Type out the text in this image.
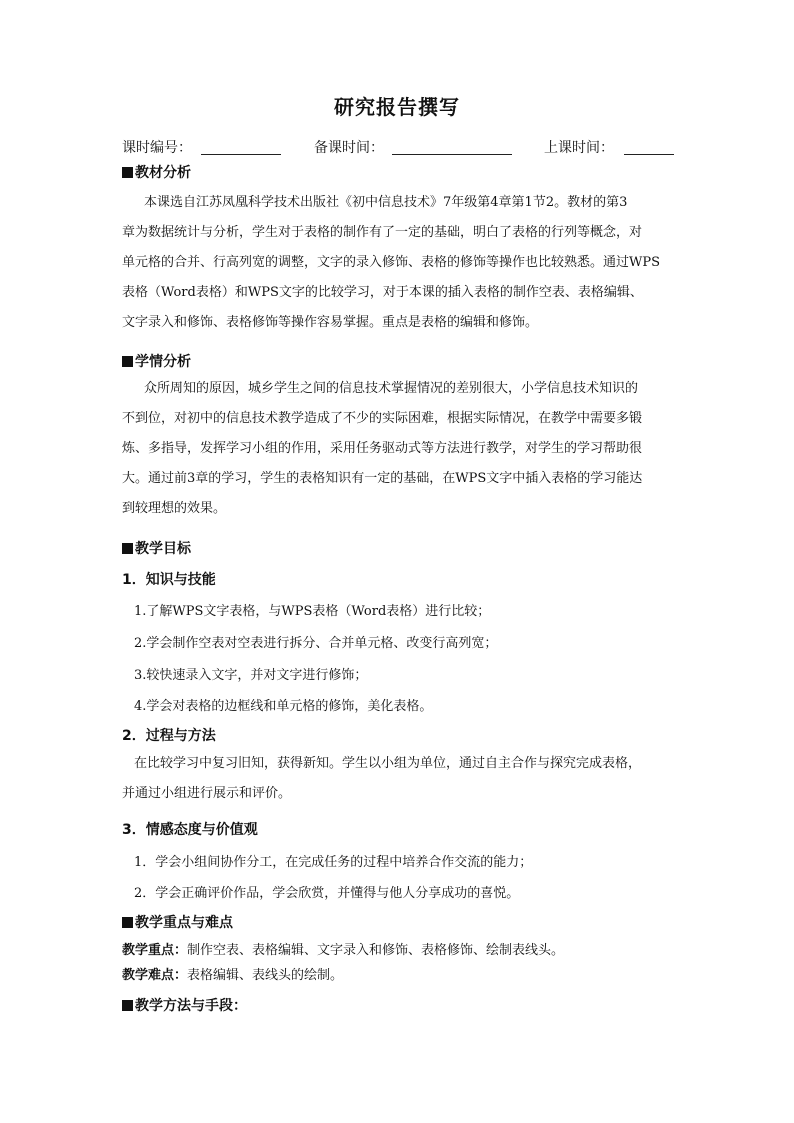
研究报告撰写
课时编号：	备课时间：	上课时间：
教材分析
本课选自江苏凤凰科学技术出版社《初中信息技术》7年级第4章第1节2。教材的第3
章为数据统计与分析，学生对于表格的制作有了一定的基础，明白了表格的行列等概念，对
单元格的合并、行高列宽的调整，文字的录入修饰、表格的修饰等操作也比较熟悉。通过WPS
表格（Word表格）和WPS文字的比较学习，对于本课的插入表格的制作空表、表格编辑、
文字录入和修饰、表格修饰等操作容易掌握。重点是表格的编辑和修饰。
学情分析
众所周知的原因，城乡学生之间的信息技术掌握情况的差别很大，小学信息技术知识的
不到位，对初中的信息技术教学造成了不少的实际困难，根据实际情况，在教学中需要多锻
炼、多指导，发挥学习小组的作用，采用任务驱动式等方法进行教学，对学生的学习帮助很
大。通过前3章的学习，学生的表格知识有一定的基础，在WPS文字中插入表格的学习能达
到较理想的效果。
教学目标
1．知识与技能
1.了解WPS文字表格，与WPS表格（Word表格）进行比较；
2.学会制作空表对空表进行拆分、合并单元格、改变行高列宽；
3.较快速录入文字，并对文字进行修饰；
4.学会对表格的边框线和单元格的修饰，美化表格。
2．过程与方法
在比较学习中复习旧知，获得新知。学生以小组为单位，通过自主合作与探究完成表格，
并通过小组进行展示和评价。
3．情感态度与价值观
1．学会小组间协作分工，在完成任务的过程中培养合作交流的能力；
2．学会正确评价作品，学会欣赏，并懂得与他人分享成功的喜悦。
教学重点与难点
教学重点：制作空表、表格编辑、文字录入和修饰、表格修饰、绘制表线头。
教学难点：表格编辑、表线头的绘制。
教学方法与手段：
